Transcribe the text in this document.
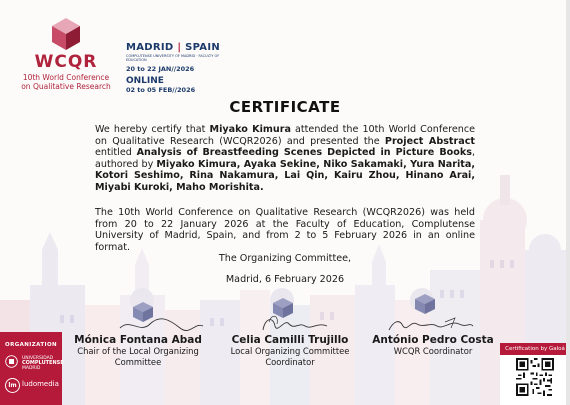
WCQR
10th World Conference
on Qualitative Research
MADRID | SPAIN
COMPLUTENSE UNIVERSITY OF MADRID · FACULTY OF EDUCATION
20 to 22 JAN//2026
ONLINE
02 to 05 FEB//2026
CERTIFICATE
We hereby certify that Miyako Kimura attended the 10th World Conference on Qualitative Research (WCQR2026) and presented the Project Abstract entitled Analysis of Breastfeeding Scenes Depicted in Picture Books, authored by Miyako Kimura, Ayaka Sekine, Niko Sakamaki, Yura Narita, Kotori Seshimo, Rina Nakamura, Lai Qin, Kairu Zhou, Hinano Arai, Miyabi Kuroki, Maho Morishita.
The 10th World Conference on Qualitative Research (WCQR2026) was held from 20 to 22 January 2026 at the Faculty of Education, Complutense University of Madrid, Spain, and from 2 to 5 February 2026 in an online format.
The Organizing Committee,
Madrid, 6 February 2026
Mónica Fontana Abad
Chair of the Local Organizing
Committee
Celia Camilli Trujillo
Local Organizing Committee
Coordinator
António Pedro Costa
WCQR Coordinator
ORGANIZATION
UNIVERSIDAD
COMPLUTENSE
MADRID
lm ludomedia
Certification by Galoá
